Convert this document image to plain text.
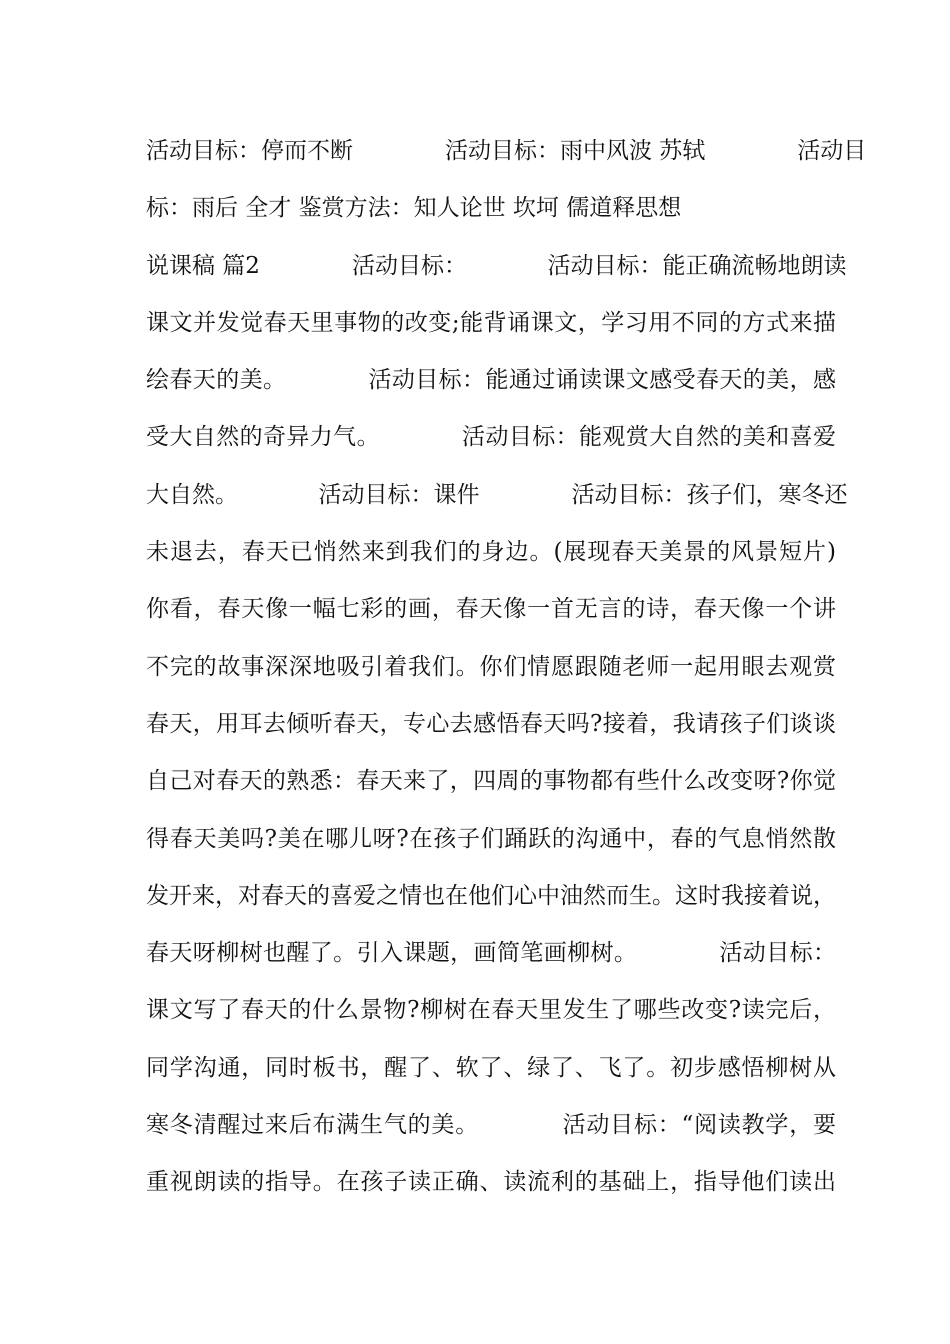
活动目标：停而不断　　　　活动目标：雨中风波 苏轼　　　　活动目
标：雨后 全才 鉴赏方法：知人论世 坎坷 儒道释思想
说课稿 篇2　　　　活动目标：　　　　活动目标：能正确流畅地朗读
课文并发觉春天里事物的改变;能背诵课文，学习用不同的方式来描
绘春天的美。　　　　活动目标：能通过诵读课文感受春天的美，感
受大自然的奇异力气。　　　　活动目标：能观赏大自然的美和喜爱
大自然。　　　　活动目标：课件　　　　活动目标：孩子们，寒冬还
未退去，春天已悄然来到我们的身边。(展现春天美景的风景短片)
你看，春天像一幅七彩的画，春天像一首无言的诗，春天像一个讲
不完的故事深深地吸引着我们。你们情愿跟随老师一起用眼去观赏
春天，用耳去倾听春天，专心去感悟春天吗?接着，我请孩子们谈谈
自己对春天的熟悉：春天来了，四周的事物都有些什么改变呀?你觉
得春天美吗?美在哪儿呀?在孩子们踊跃的沟通中，春的气息悄然散
发开来，对春天的喜爱之情也在他们心中油然而生。这时我接着说，
春天呀柳树也醒了。引入课题，画简笔画柳树。　　　　活动目标：
课文写了春天的什么景物?柳树在春天里发生了哪些改变?读完后，
同学沟通，同时板书，醒了、软了、绿了、飞了。初步感悟柳树从
寒冬清醒过来后布满生气的美。　　　　活动目标：“阅读教学，要
重视朗读的指导。在孩子读正确、读流利的基础上，指导他们读出
